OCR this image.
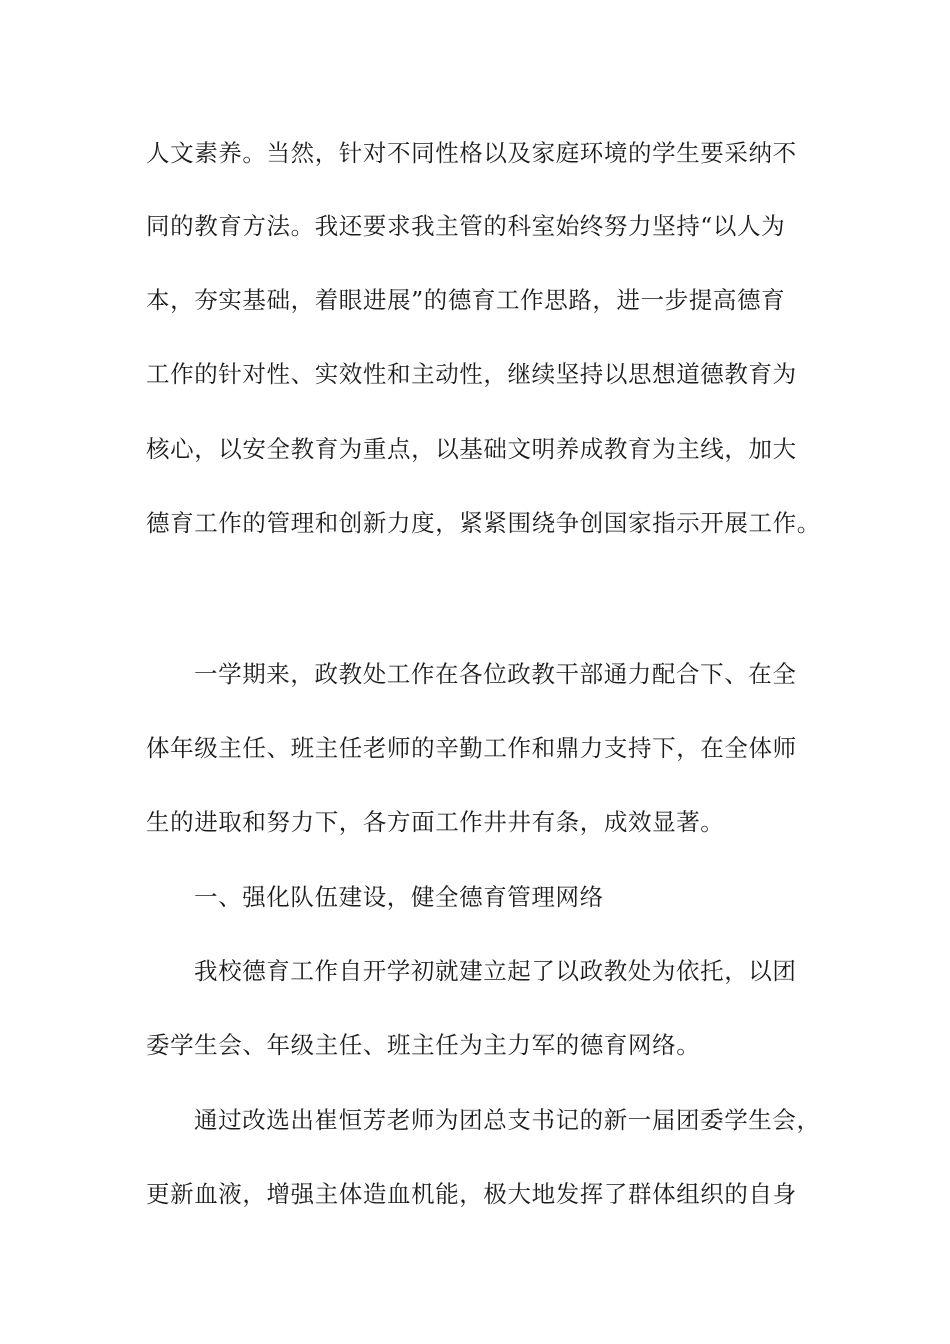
人文素养。当然，针对不同性格以及家庭环境的学生要采纳不
同的教育方法。我还要求我主管的科室始终努力坚持“以人为
本，夯实基础，着眼进展”的德育工作思路，进一步提高德育
工作的针对性、实效性和主动性，继续坚持以思想道德教育为
核心，以安全教育为重点，以基础文明养成教育为主线，加大
德育工作的管理和创新力度，紧紧围绕争创国家指示开展工作。
一学期来，政教处工作在各位政教干部通力配合下、在全
体年级主任、班主任老师的辛勤工作和鼎力支持下，在全体师
生的进取和努力下，各方面工作井井有条，成效显著。
一、强化队伍建设，健全德育管理网络
我校德育工作自开学初就建立起了以政教处为依托，以团
委学生会、年级主任、班主任为主力军的德育网络。
通过改选出崔恒芳老师为团总支书记的新一届团委学生会，
更新血液，增强主体造血机能，极大地发挥了群体组织的自身
